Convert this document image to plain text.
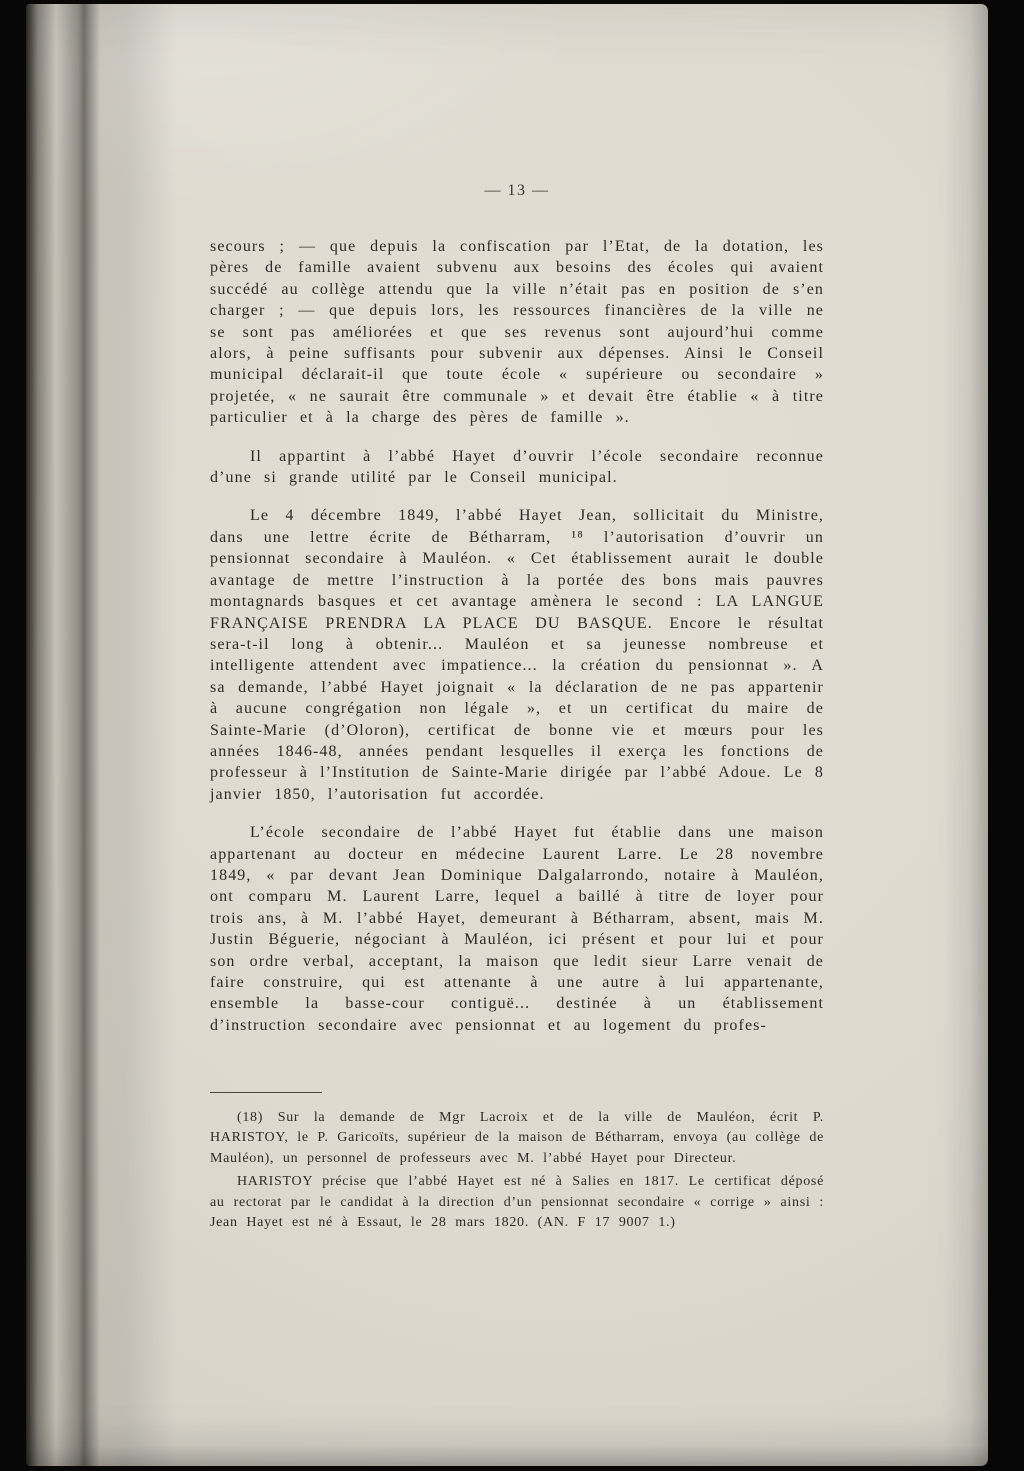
— 13 —

secours ; — que depuis la confiscation par l’Etat, de la dotation, les pères de famille avaient subvenu aux besoins des écoles qui avaient succédé au collège attendu que la ville n’était pas en position de s’en charger ; — que depuis lors, les ressources financières de la ville ne se sont pas améliorées et que ses revenus sont aujourd’hui comme alors, à peine suffisants pour subvenir aux dépenses. Ainsi le Conseil municipal déclarait-il que toute école « supérieure ou secondaire » projetée, « ne saurait être communale » et devait être établie « à titre particulier et à la charge des pères de famille ».

Il appartint à l’abbé Hayet d’ouvrir l’école secondaire reconnue d’une si grande utilité par le Conseil municipal.

Le 4 décembre 1849, l’abbé Hayet Jean, sollicitait du Ministre, dans une lettre écrite de Bétharram, ¹⁸ l’autorisation d’ouvrir un pensionnat secondaire à Mauléon. « Cet établissement aurait le double avantage de mettre l’instruction à la portée des bons mais pauvres montagnards basques et cet avantage amènera le second : LA LANGUE FRANÇAISE PRENDRA LA PLACE DU BASQUE. Encore le résultat sera-t-il long à obtenir... Mauléon et sa jeunesse nombreuse et intelligente attendent avec impatience... la création du pensionnat ». A sa demande, l’abbé Hayet joignait « la déclaration de ne pas appartenir à aucune congrégation non légale », et un certificat du maire de Sainte-Marie (d’Oloron), certificat de bonne vie et mœurs pour les années 1846-48, années pendant lesquelles il exerça les fonctions de professeur à l’Institution de Sainte-Marie dirigée par l’abbé Adoue. Le 8 janvier 1850, l’autorisation fut accordée.

L’école secondaire de l’abbé Hayet fut établie dans une maison appartenant au docteur en médecine Laurent Larre. Le 28 novembre 1849, « par devant Jean Dominique Dalgalarrondo, notaire à Mauléon, ont comparu M. Laurent Larre, lequel a baillé à titre de loyer pour trois ans, à M. l’abbé Hayet, demeurant à Bétharram, absent, mais M. Justin Béguerie, négociant à Mauléon, ici présent et pour lui et pour son ordre verbal, acceptant, la maison que ledit sieur Larre venait de faire construire, qui est attenante à une autre à lui appartenante, ensemble la basse-cour contiguë... destinée à un établissement d’instruction secondaire avec pensionnat et au logement du profes-

(18) Sur la demande de Mgr Lacroix et de la ville de Mauléon, écrit P. HARISTOY, le P. Garicoïts, supérieur de la maison de Bétharram, envoya (au collège de Mauléon), un personnel de professeurs avec M. l’abbé Hayet pour Directeur.

HARISTOY précise que l’abbé Hayet est né à Salies en 1817. Le certificat déposé au rectorat par le candidat à la direction d’un pensionnat secondaire « corrige » ainsi : Jean Hayet est né à Essaut, le 28 mars 1820. (AN. F 17 9007 1.)
